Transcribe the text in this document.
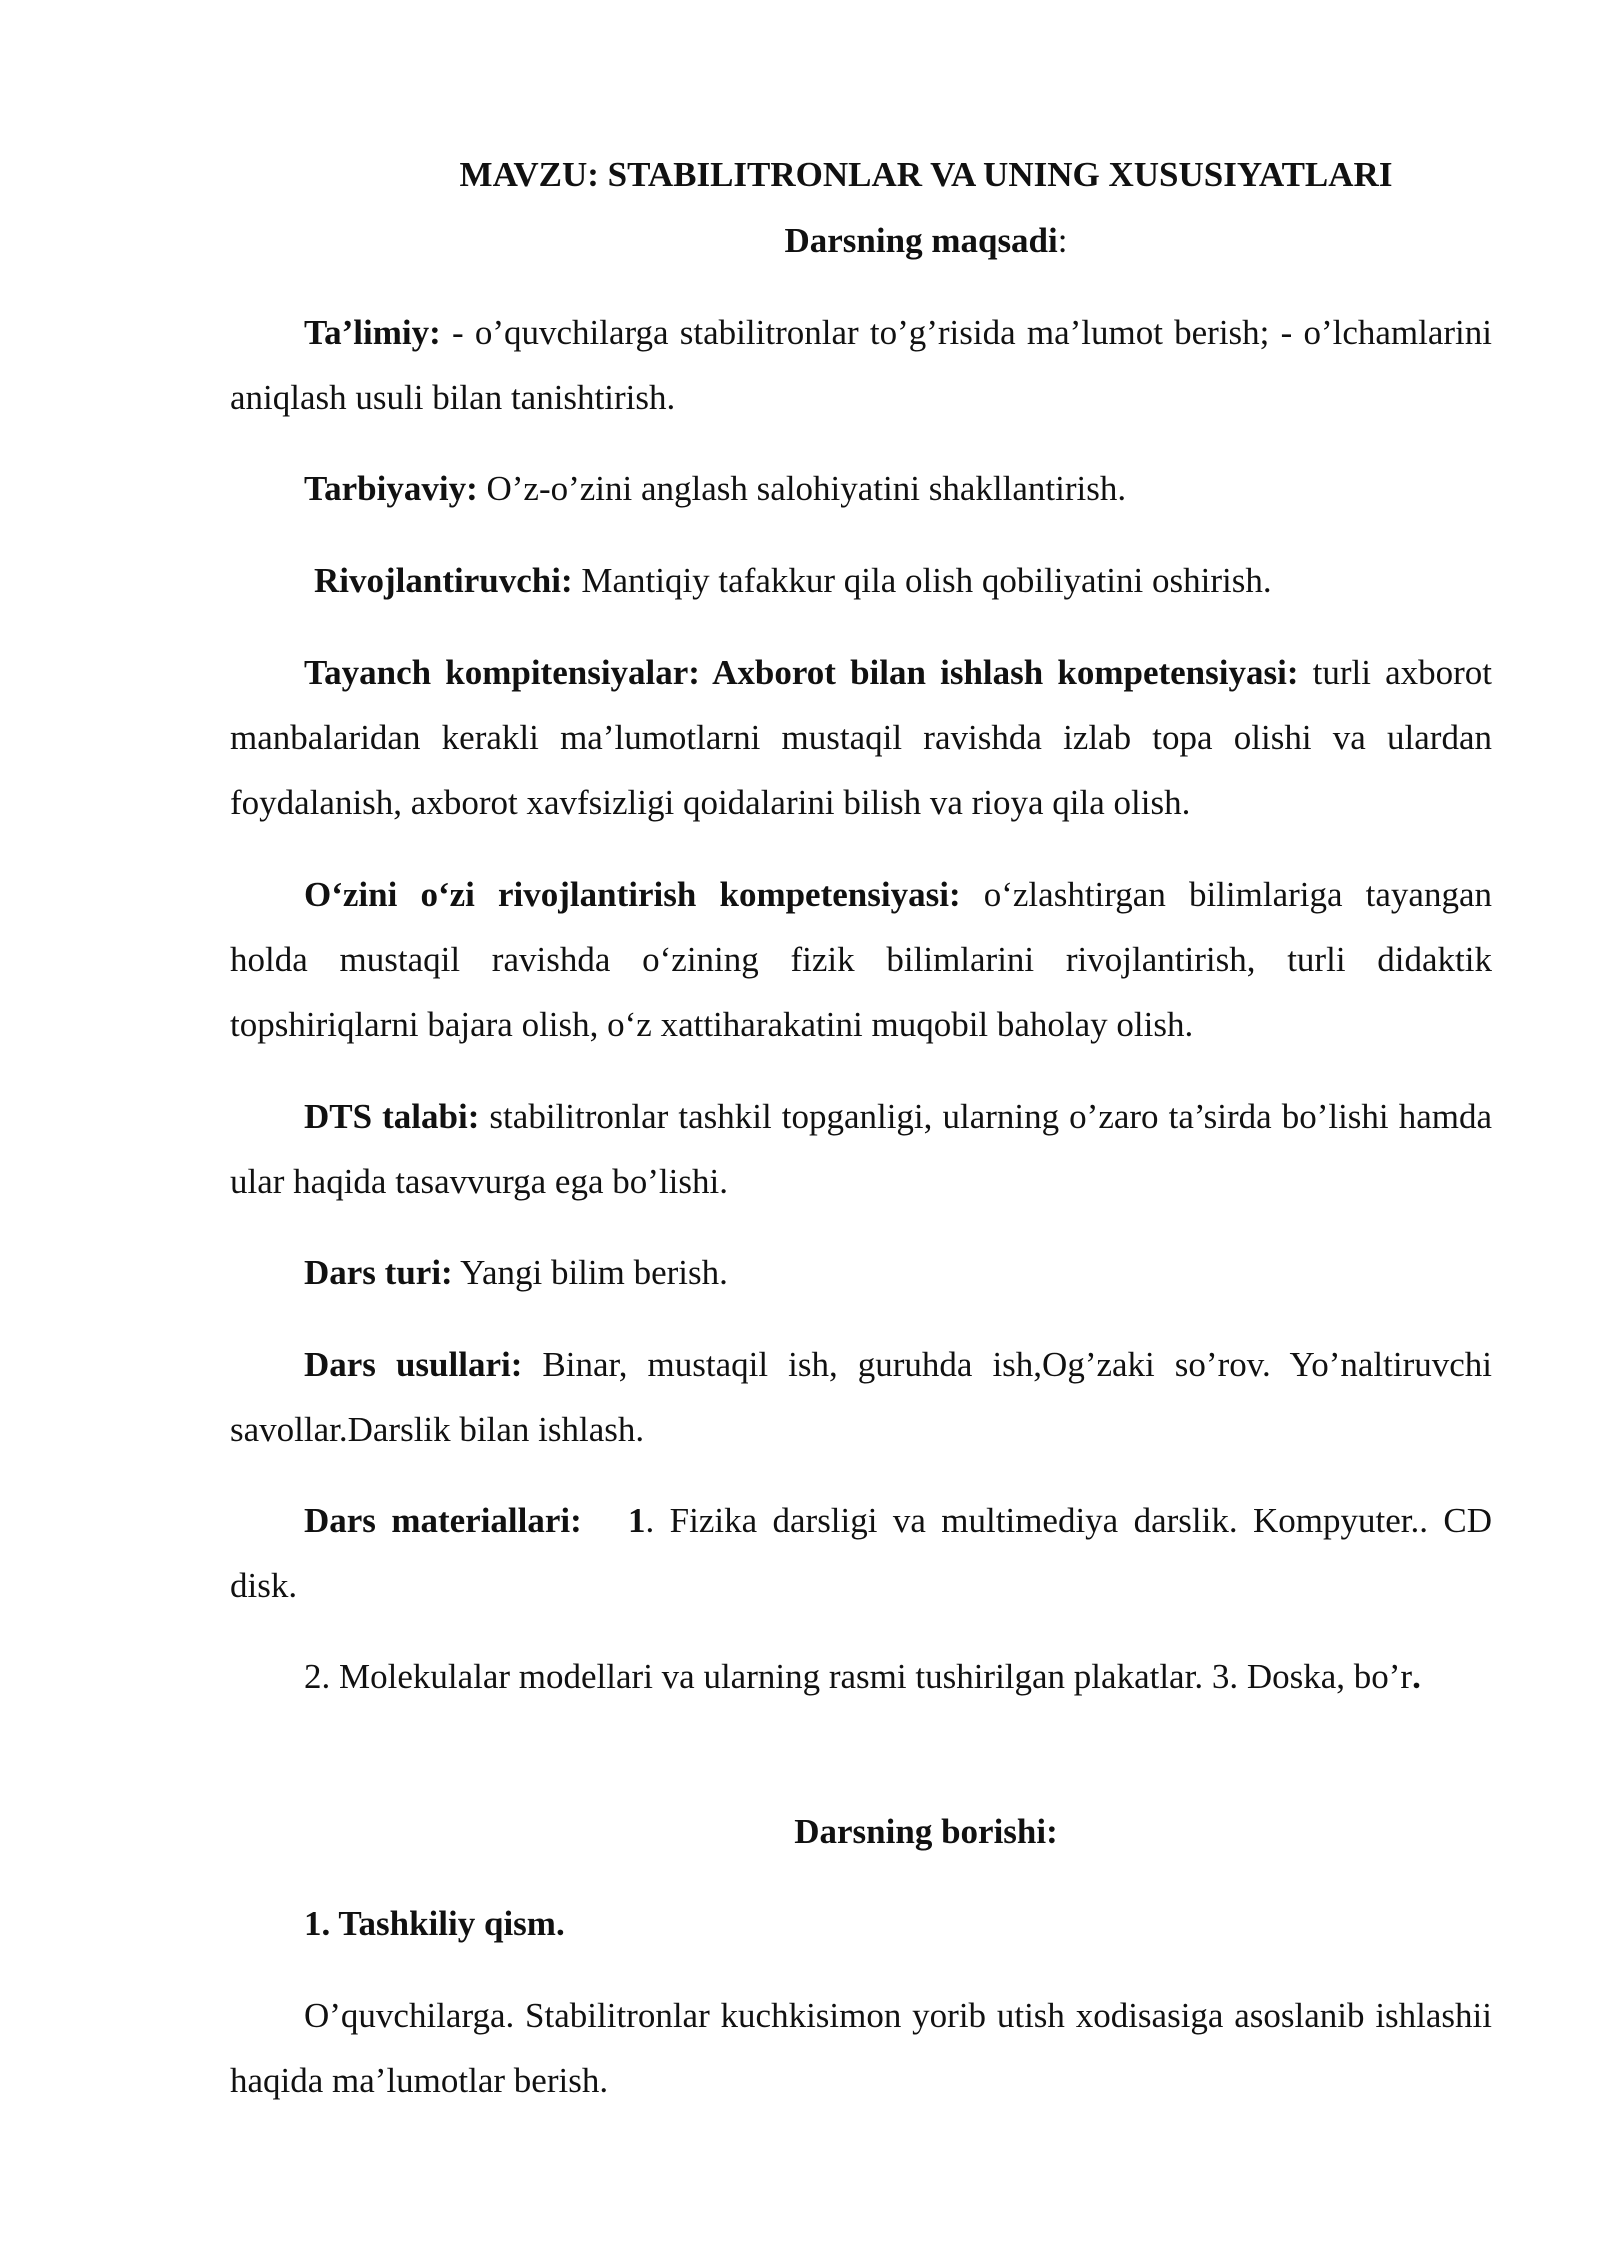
MAVZU: STABILITRONLAR VA UNING XUSUSIYATLARI
Darsning maqsadi:

Ta’limiy: - o’quvchilarga stabilitronlar to’g’risida ma’lumot berish; - o’lchamlarini aniqlash usuli bilan tanishtirish.

Tarbiyaviy: O’z-o’zini anglash salohiyatini shakllantirish.

Rivojlantiruvchi: Mantiqiy tafakkur qila olish qobiliyatini oshirish.

Tayanch kompitensiyalar: Axborot bilan ishlash kompetensiyasi: turli axborot manbalaridan kerakli ma’lumotlarni mustaqil ravishda izlab topa olishi va ulardan foydalanish, axborot xavfsizligi qoidalarini bilish va rioya qila olish.

O‘zini o‘zi rivojlantirish kompetensiyasi: o‘zlashtirgan bilimlariga tayangan holda mustaqil ravishda o‘zining fizik bilimlarini rivojlantirish, turli didaktik topshiriqlarni bajara olish, o‘z xattiharakatini muqobil baholay olish.

DTS talabi: stabilitronlar tashkil topganligi, ularning o’zaro ta’sirda bo’lishi hamda ular haqida tasavvurga ega bo’lishi.

Dars turi: Yangi bilim berish.

Dars usullari: Binar, mustaqil ish, guruhda ish,Og’zaki so’rov. Yo’naltiruvchi savollar.Darslik bilan ishlash.

Dars materiallari: 1. Fizika darsligi va multimediya darslik. Kompyuter.. CD disk.

2. Molekulalar modellari va ularning rasmi tushirilgan plakatlar. 3. Doska, bo’r.

Darsning borishi:

1. Tashkiliy qism.

O’quvchilarga. Stabilitronlar kuchkisimon yorib utish xodisasiga asoslanib ishlashii haqida ma’lumotlar berish.
